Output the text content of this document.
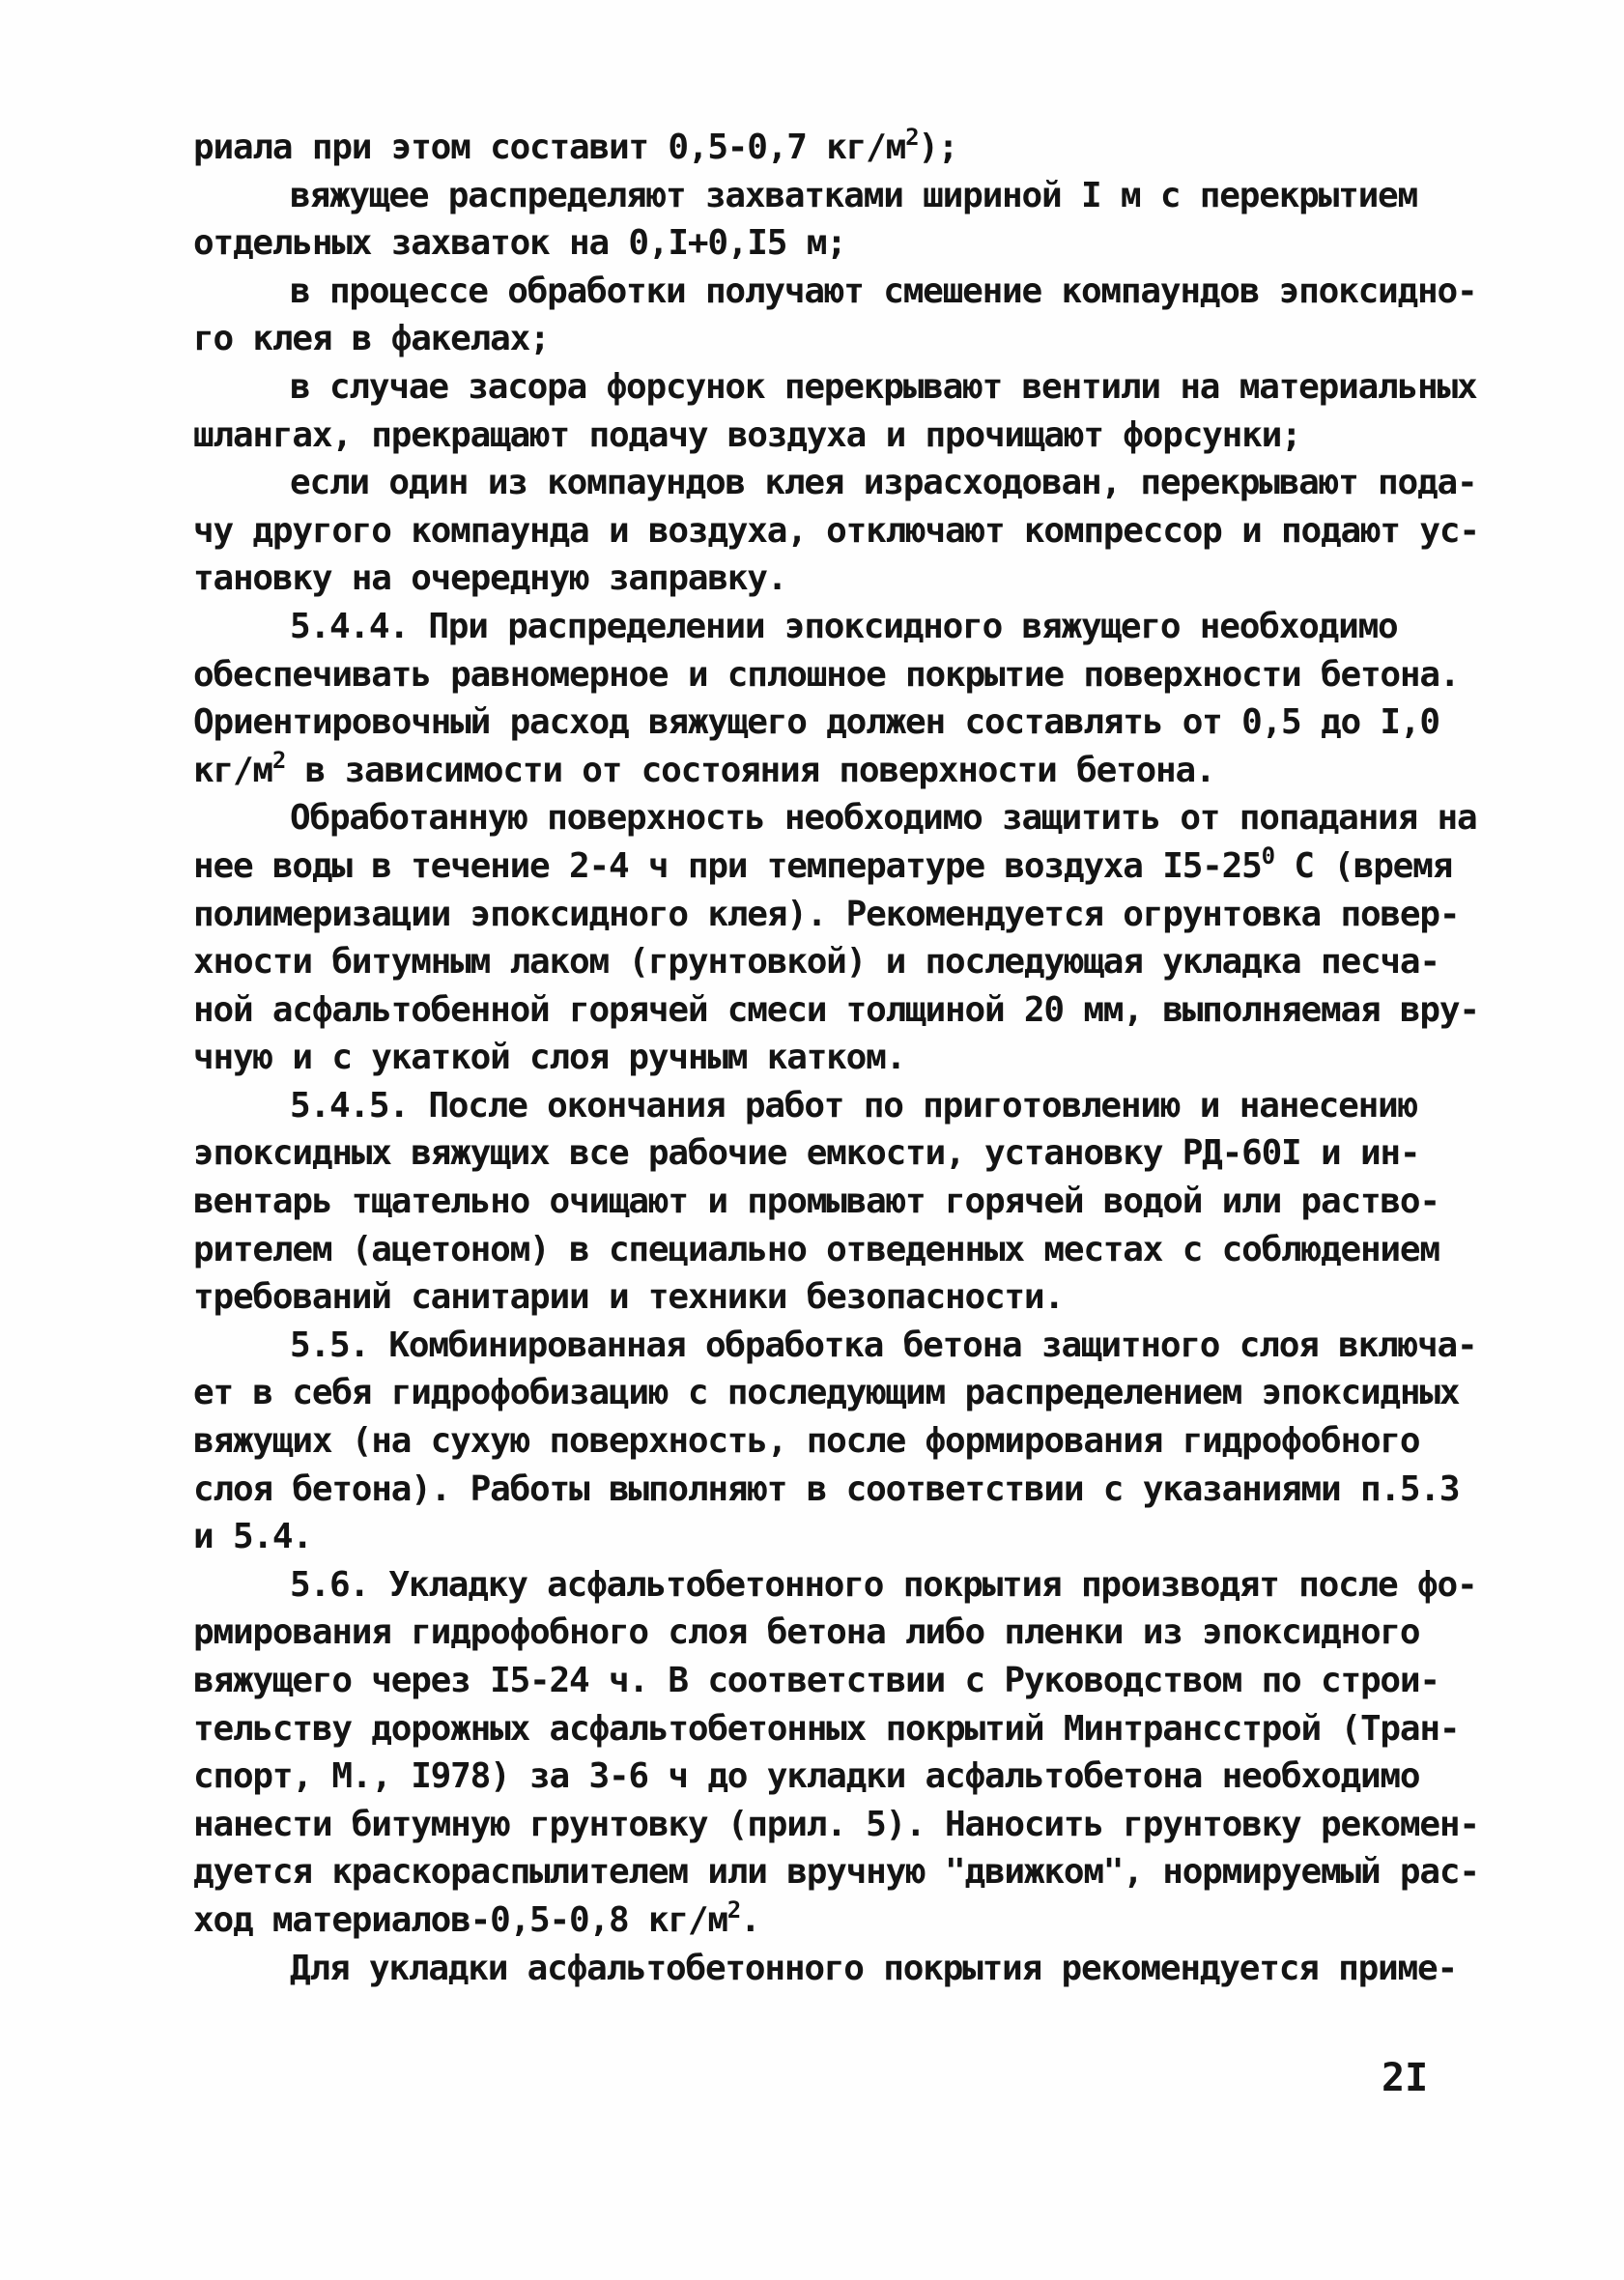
риала при этом составит 0,5-0,7 $кг/м^2$);
вяжущее распределяют захватками шириной I м с перекрытием
отдельных захваток на 0,I+0,I5 м;
в процессе обработки получают смешение компаундов эпоксидно-
го клея в факелах;
в случае засора форсунок перекрывают вентили на материальных
шлангах, прекращают подачу воздуха и прочищают форсунки;
если один из компаундов клея израсходован, перекрывают пода-
чу другого компаунда и воздуха, отключают компрессор и подают ус-
тановку на очередную заправку.
5.4.4. При распределении эпоксидного вяжущего необходимо
обеспечивать равномерное и сплошное покрытие поверхности бетона.
Ориентировочный расход вяжущего должен составлять от 0,5 до I,0
$кг/м^2$ в зависимости от состояния поверхности бетона.
Обработанную поверхность необходимо защитить от попадания на
нее воды в течение 2-4 ч при температуре воздуха $I5-25^0$ С (время
полимеризации эпоксидного клея). Рекомендуется огрунтовка повер-
хности битумным лаком (грунтовкой) и последующая укладка песча-
ной асфальтобенной горячей смеси толщиной 20 мм, выполняемая вру-
чную и с укаткой слоя ручным катком.
5.4.5. После окончания работ по приготовлению и нанесению
эпоксидных вяжущих все рабочие емкости, установку РД-60I и ин-
вентарь тщательно очищают и промывают горячей водой или раство-
рителем (ацетоном) в специально отведенных местах с соблюдением
требований санитарии и техники безопасности.
5.5. Комбинированная обработка бетона защитного слоя включа-
ет в себя гидрофобизацию с последующим распределением эпоксидных
вяжущих (на сухую поверхность, после формирования гидрофобного
слоя бетона). Работы выполняют в соответствии с указаниями п.5.3
и 5.4.
5.6. Укладку асфальтобетонного покрытия производят после фо-
рмирования гидрофобного слоя бетона либо пленки из эпоксидного
вяжущего через I5-24 ч. В соответствии с Руководством по строи-
тельству дорожных асфальтобетонных покрытий Минтрансстрой (Тран-
спорт, М., I978) за 3-6 ч до укладки асфальтобетона необходимо
нанести битумную грунтовку (прил. 5). Наносить грунтовку рекомен-
дуется краскораспылителем или вручную "движком", нормируемый рас-
ход материалов-0,5-0,8 $кг/м^2$.
Для укладки асфальтобетонного покрытия рекомендуется приме-
2I
